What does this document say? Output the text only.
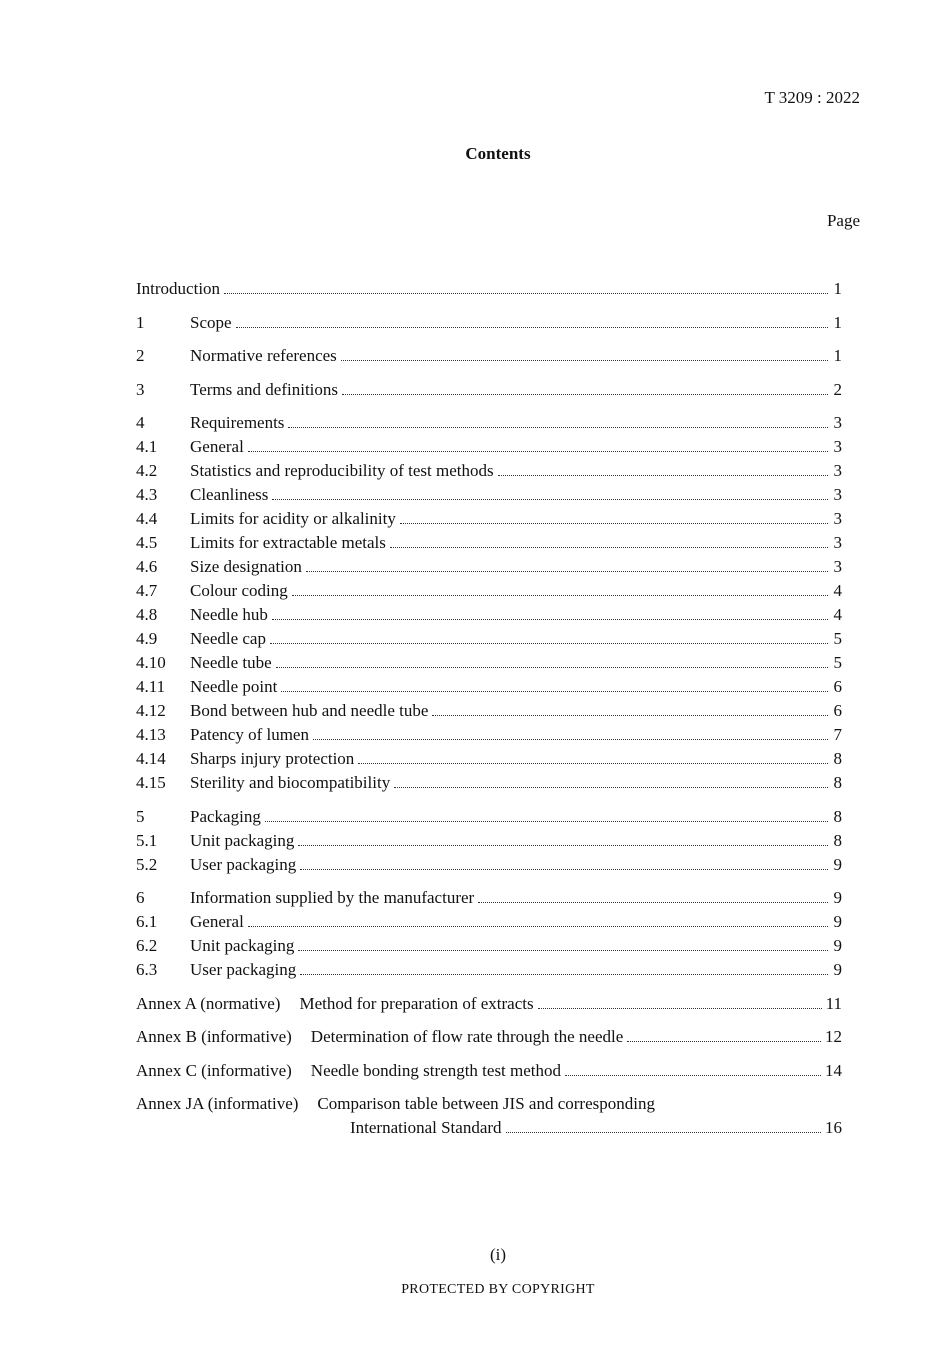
T 3209 : 2022
Contents
Page
Introduction	1
1	Scope	1
2	Normative references	1
3	Terms and definitions	2
4	Requirements	3
4.1	General	3
4.2	Statistics and reproducibility of test methods	3
4.3	Cleanliness	3
4.4	Limits for acidity or alkalinity	3
4.5	Limits for extractable metals	3
4.6	Size designation	3
4.7	Colour coding	4
4.8	Needle hub	4
4.9	Needle cap	5
4.10	Needle tube	5
4.11	Needle point	6
4.12	Bond between hub and needle tube	6
4.13	Patency of lumen	7
4.14	Sharps injury protection	8
4.15	Sterility and biocompatibility	8
5	Packaging	8
5.1	Unit packaging	8
5.2	User packaging	9
6	Information supplied by the manufacturer	9
6.1	General	9
6.2	Unit packaging	9
6.3	User packaging	9
Annex A (normative) Method for preparation of extracts	11
Annex B (informative) Determination of flow rate through the needle	12
Annex C (informative) Needle bonding strength test method	14
Annex JA (informative) Comparison table between JIS and corresponding
International Standard	16
(i)
PROTECTED BY COPYRIGHT
